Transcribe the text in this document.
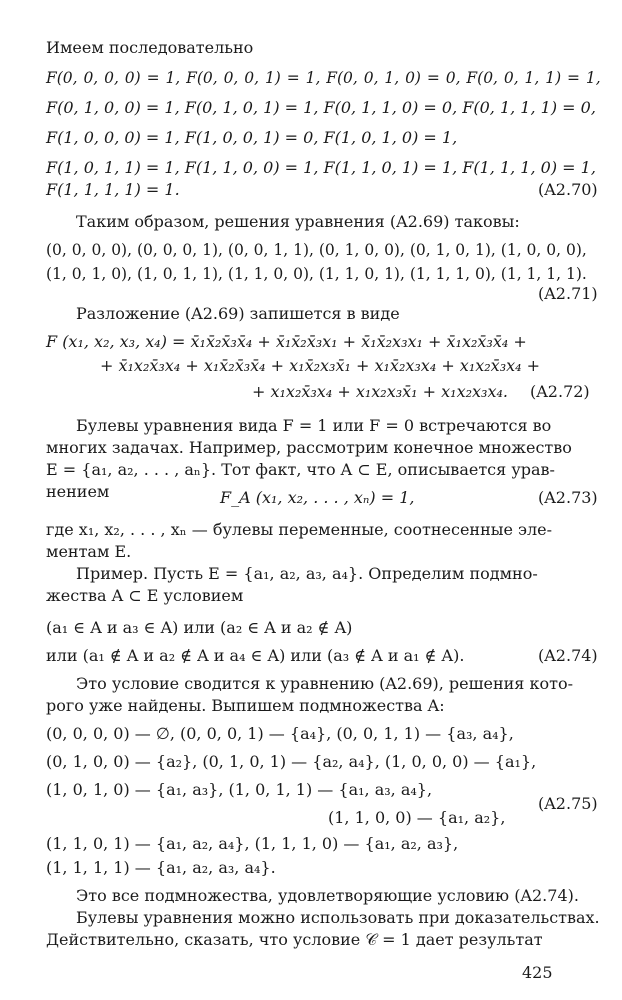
Имеем последовательно
F(0, 0, 0, 0) = 1, F(0, 0, 0, 1) = 1, F(0, 0, 1, 0) = 0, F(0, 0, 1, 1) = 1,
F(0, 1, 0, 0) = 1, F(0, 1, 0, 1) = 1, F(0, 1, 1, 0) = 0, F(0, 1, 1, 1) = 0,
F(1, 0, 0, 0) = 1, F(1, 0, 0, 1) = 0, F(1, 0, 1, 0) = 1,
F(1, 0, 1, 1) = 1, F(1, 1, 0, 0) = 1, F(1, 1, 0, 1) = 1, F(1, 1, 1, 0) = 1,
F(1, 1, 1, 1) = 1.	(A2.70)
Таким образом, решения уравнения (A2.69) таковы:
(0, 0, 0, 0), (0, 0, 0, 1), (0, 0, 1, 1), (0, 1, 0, 0), (0, 1, 0, 1), (1, 0, 0, 0),
(1, 0, 1, 0), (1, 0, 1, 1), (1, 1, 0, 0), (1, 1, 0, 1), (1, 1, 1, 0), (1, 1, 1, 1).
(A2.71)
Разложение (A2.69) запишется в виде
F (x₁, x₂, x₃, x₄) = x̄₁x̄₂x̄₃x̄₄ + x̄₁x̄₂x̄₃x₁ + x̄₁x̄₂x₃x₁ + x̄₁x₂x̄₃x̄₄ +
+ x̄₁x₂x̄₃x₄ + x₁x̄₂x̄₃x̄₄ + x₁x̄₂x₃x̄₁ + x₁x̄₂x₃x₄ + x₁x₂x̄₃x₄ +
+ x₁x₂x̄₃x₄ + x₁x₂x₃x̄₁ + x₁x₂x₃x₄. (A2.72)
Булевы уравнения вида F = 1 или F = 0 встречаются во
многих задачах. Например, рассмотрим конечное множество
E = {a₁, a₂, . . . , aₙ}. Тот факт, что A ⊂ E, описывается урав-
нением	F_A (x₁, x₂, . . . , xₙ) = 1,	(A2.73)
где x₁, x₂, . . . , xₙ — булевы переменные, соотнесенные эле-
ментам E.
Пример. Пусть E = {a₁, a₂, a₃, a₄}. Определим подмно-
жества A ⊂ E условием
(a₁ ∈ A и a₃ ∈ A) или (a₂ ∈ A и a₂ ∉ A)
или (a₁ ∉ A и a₂ ∉ A и a₄ ∈ A) или (a₃ ∉ A и a₁ ∉ A).	(A2.74)
Это условие сводится к уравнению (A2.69), решения кото-
рого уже найдены. Выпишем подмножества A:
(0, 0, 0, 0) — ∅, (0, 0, 0, 1) — {a₄}, (0, 0, 1, 1) — {a₃, a₄},
(0, 1, 0, 0) — {a₂}, (0, 1, 0, 1) — {a₂, a₄}, (1, 0, 0, 0) — {a₁},
(1, 0, 1, 0) — {a₁, a₃}, (1, 0, 1, 1) — {a₁, a₃, a₄},
(1, 1, 0, 0) — {a₁, a₂},
(A2.75)
(1, 1, 0, 1) — {a₁, a₂, a₄}, (1, 1, 1, 0) — {a₁, a₂, a₃},
(1, 1, 1, 1) — {a₁, a₂, a₃, a₄}.
Это все подмножества, удовлетворяющие условию (A2.74).
Булевы уравнения можно использовать при доказательствах.
Действительно, сказать, что условие 𝒞 = 1 дает результат
425
